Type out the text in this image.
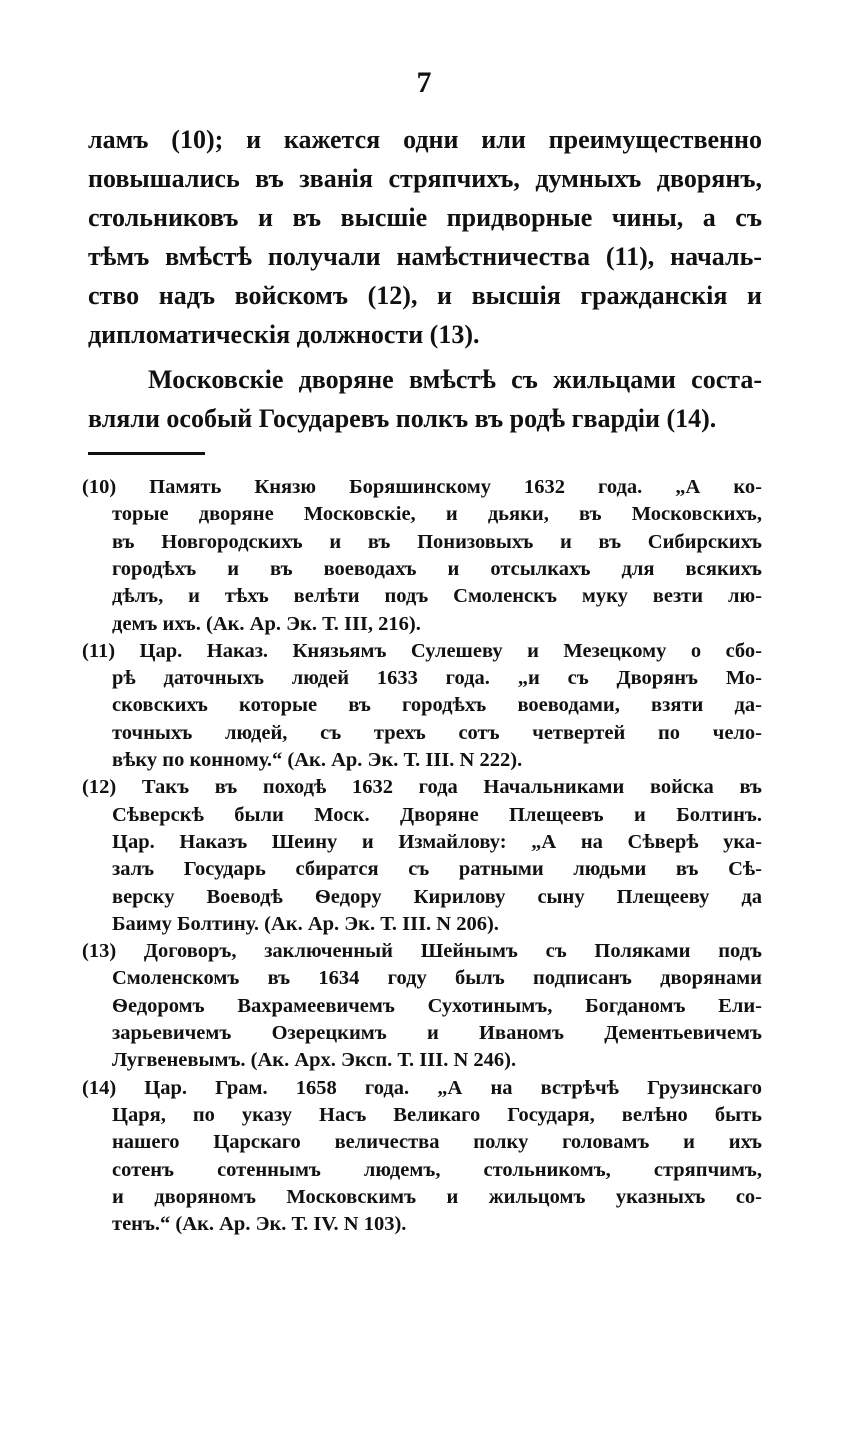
7
ламъ (10); и кажется одни или преимущественно
повышались въ званія стряпчихъ, думныхъ дворянъ,
стольниковъ и въ высшіе придворные чины, а съ
тѣмъ вмѣстѣ получали намѣстничества (11), началь-
ство надъ войскомъ (12), и высшія гражданскія и
дипломатическія должности (13).
Московскіе дворяне вмѣстѣ съ жильцами соста-
вляли особый Государевъ полкъ въ родѣ гвардіи (14).
(10) Память Князю Боряшинскому 1632 года. „А ко-
торые дворяне Московскіе, и дьяки, въ Московскихъ,
въ Новгородскихъ и въ Понизовыхъ и въ Сибирскихъ
городѣхъ и въ воеводахъ и отсылкахъ для всякихъ
дѣлъ, и тѣхъ велѣти подъ Смоленскъ муку везти лю-
демъ ихъ. (Ак. Ар. Эк. Т. III, 216).
(11) Цар. Наказ. Князьямъ Сулешеву и Мезецкому о сбо-
рѣ даточныхъ людей 1633 года. „и съ Дворянъ Мо-
сковскихъ которые въ городѣхъ воеводами, взяти да-
точныхъ людей, съ трехъ сотъ четвертей по чело-
вѣку по конному.“ (Ак. Ар. Эк. Т. III. N 222).
(12) Такъ въ походѣ 1632 года Начальниками войска въ
Сѣверскѣ были Моск. Дворяне Плещеевъ и Болтинъ.
Цар. Наказъ Шеину и Измайлову: „А на Сѣверѣ ука-
залъ Государь сбиратся съ ратными людьми въ Сѣ-
верску Воеводѣ Ѳедору Кирилову сыну Плещееву да
Баиму Болтину. (Ак. Ар. Эк. Т. III. N 206).
(13) Договоръ, заключенный Шейнымъ съ Поляками подъ
Смоленскомъ въ 1634 году былъ подписанъ дворянами
Ѳедоромъ Вахрамеевичемъ Сухотинымъ, Богданомъ Ели-
зарьевичемъ Озерецкимъ и Иваномъ Дементьевичемъ
Лугвеневымъ. (Ак. Арх. Эксп. Т. III. N 246).
(14) Цар. Грам. 1658 года. „А на встрѣчѣ Грузинскаго
Царя, по указу Насъ Великаго Государя, велѣно быть
нашего Царскаго величества полку головамъ и ихъ
сотенъ сотеннымъ людемъ, стольникомъ, стряпчимъ,
и дворяномъ Московскимъ и жильцомъ указныхъ со-
тенъ.“ (Ак. Ар. Эк. Т. IV. N 103).
